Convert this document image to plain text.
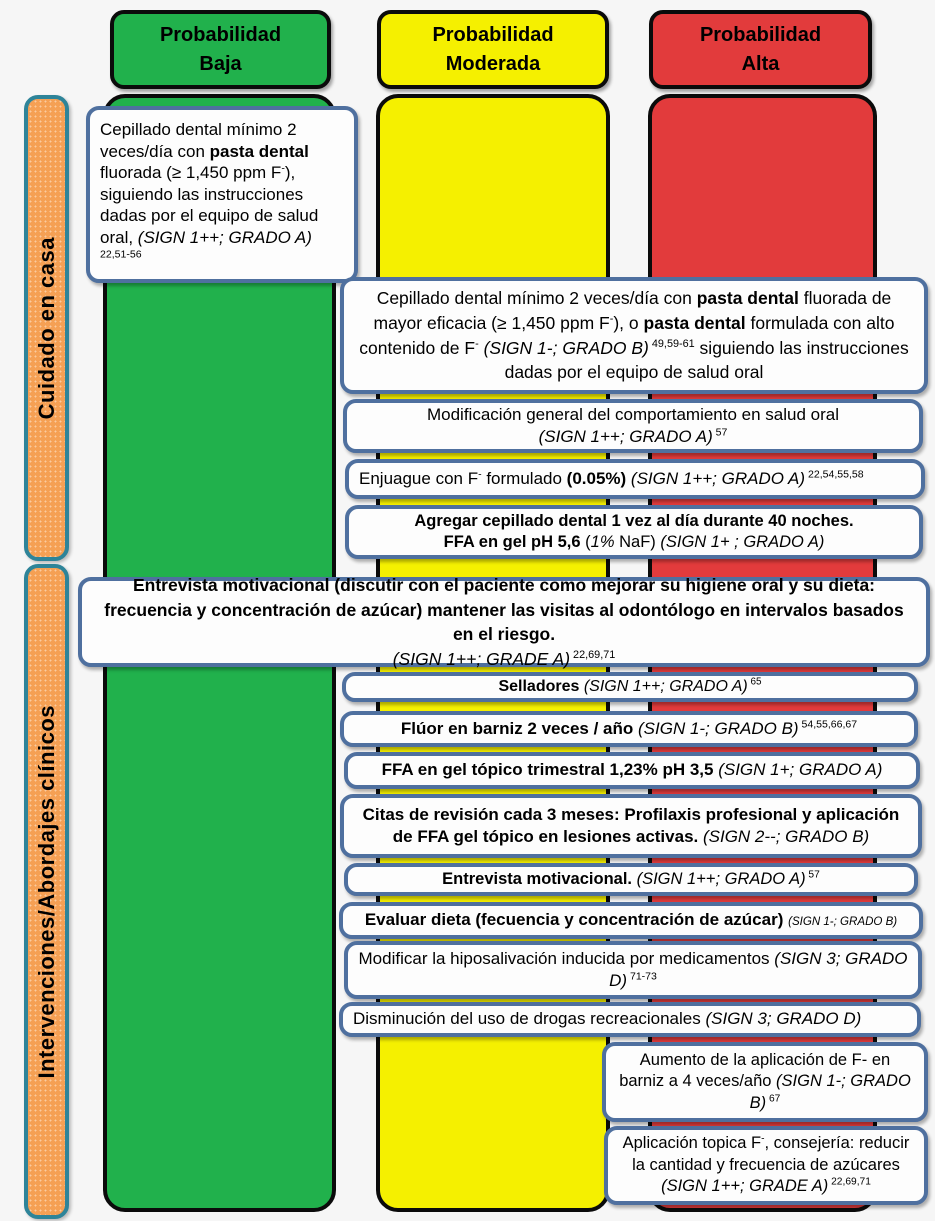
Probabilidad
Baja
Probabilidad
Moderada
Probabilidad
Alta
Cuidado en casa
Intervenciones/Abordajes clínicos
Cepillado dental mínimo 2 veces/día con pasta dental fluorada (≥ 1,450 ppm F-), siguiendo las instrucciones dadas por el equipo de salud oral, (SIGN 1++; GRADO A) $^{22,51-56}$
Cepillado dental mínimo 2 veces/día con pasta dental fluorada de mayor eficacia (≥ 1,450 ppm F-), o pasta dental formulada con alto contenido de F- (SIGN 1-; GRADO B) $^{49,59-61}$ siguiendo las instrucciones dadas por el equipo de salud oral
Modificación general del comportamiento en salud oral
(SIGN 1++; GRADO A) $^{57}$
Enjuague con F- formulado (0.05%) (SIGN 1++; GRADO A) $^{22,54,55,58}$
Agregar cepillado dental 1 vez al día durante 40 noches.
FFA en gel pH 5,6 (1% NaF) (SIGN 1+ ; GRADO A)
Entrevista motivacional (discutir con el paciente como mejorar su higiene oral y su dieta: frecuencia y concentración de azúcar) mantener las visitas al odontólogo en intervalos basados en el riesgo.
(SIGN 1++; GRADE A) $^{22,69,71}$
Selladores (SIGN 1++; GRADO A) $^{65}$
Flúor en barniz 2 veces / año (SIGN 1-; GRADO B) $^{54,55,66,67}$
FFA en gel tópico trimestral 1,23% pH 3,5 (SIGN 1+; GRADO A)
Citas de revisión cada 3 meses: Profilaxis profesional y aplicación de FFA gel tópico en lesiones activas. (SIGN 2--; GRADO B)
Entrevista motivacional. (SIGN 1++; GRADO A) $^{57}$
Evaluar dieta (fecuencia y concentración de azúcar) (SIGN 1-; GRADO B)
Modificar la hiposalivación inducida por medicamentos (SIGN 3; GRADO D) $^{71-73}$
Disminución del uso de drogas recreacionales (SIGN 3; GRADO D)
Aumento de la aplicación de F- en barniz a 4 veces/año (SIGN 1-; GRADO B) $^{67}$
Aplicación topica F-, consejería: reducir la cantidad y frecuencia de azúcares (SIGN 1++; GRADE A) $^{22,69,71}$
